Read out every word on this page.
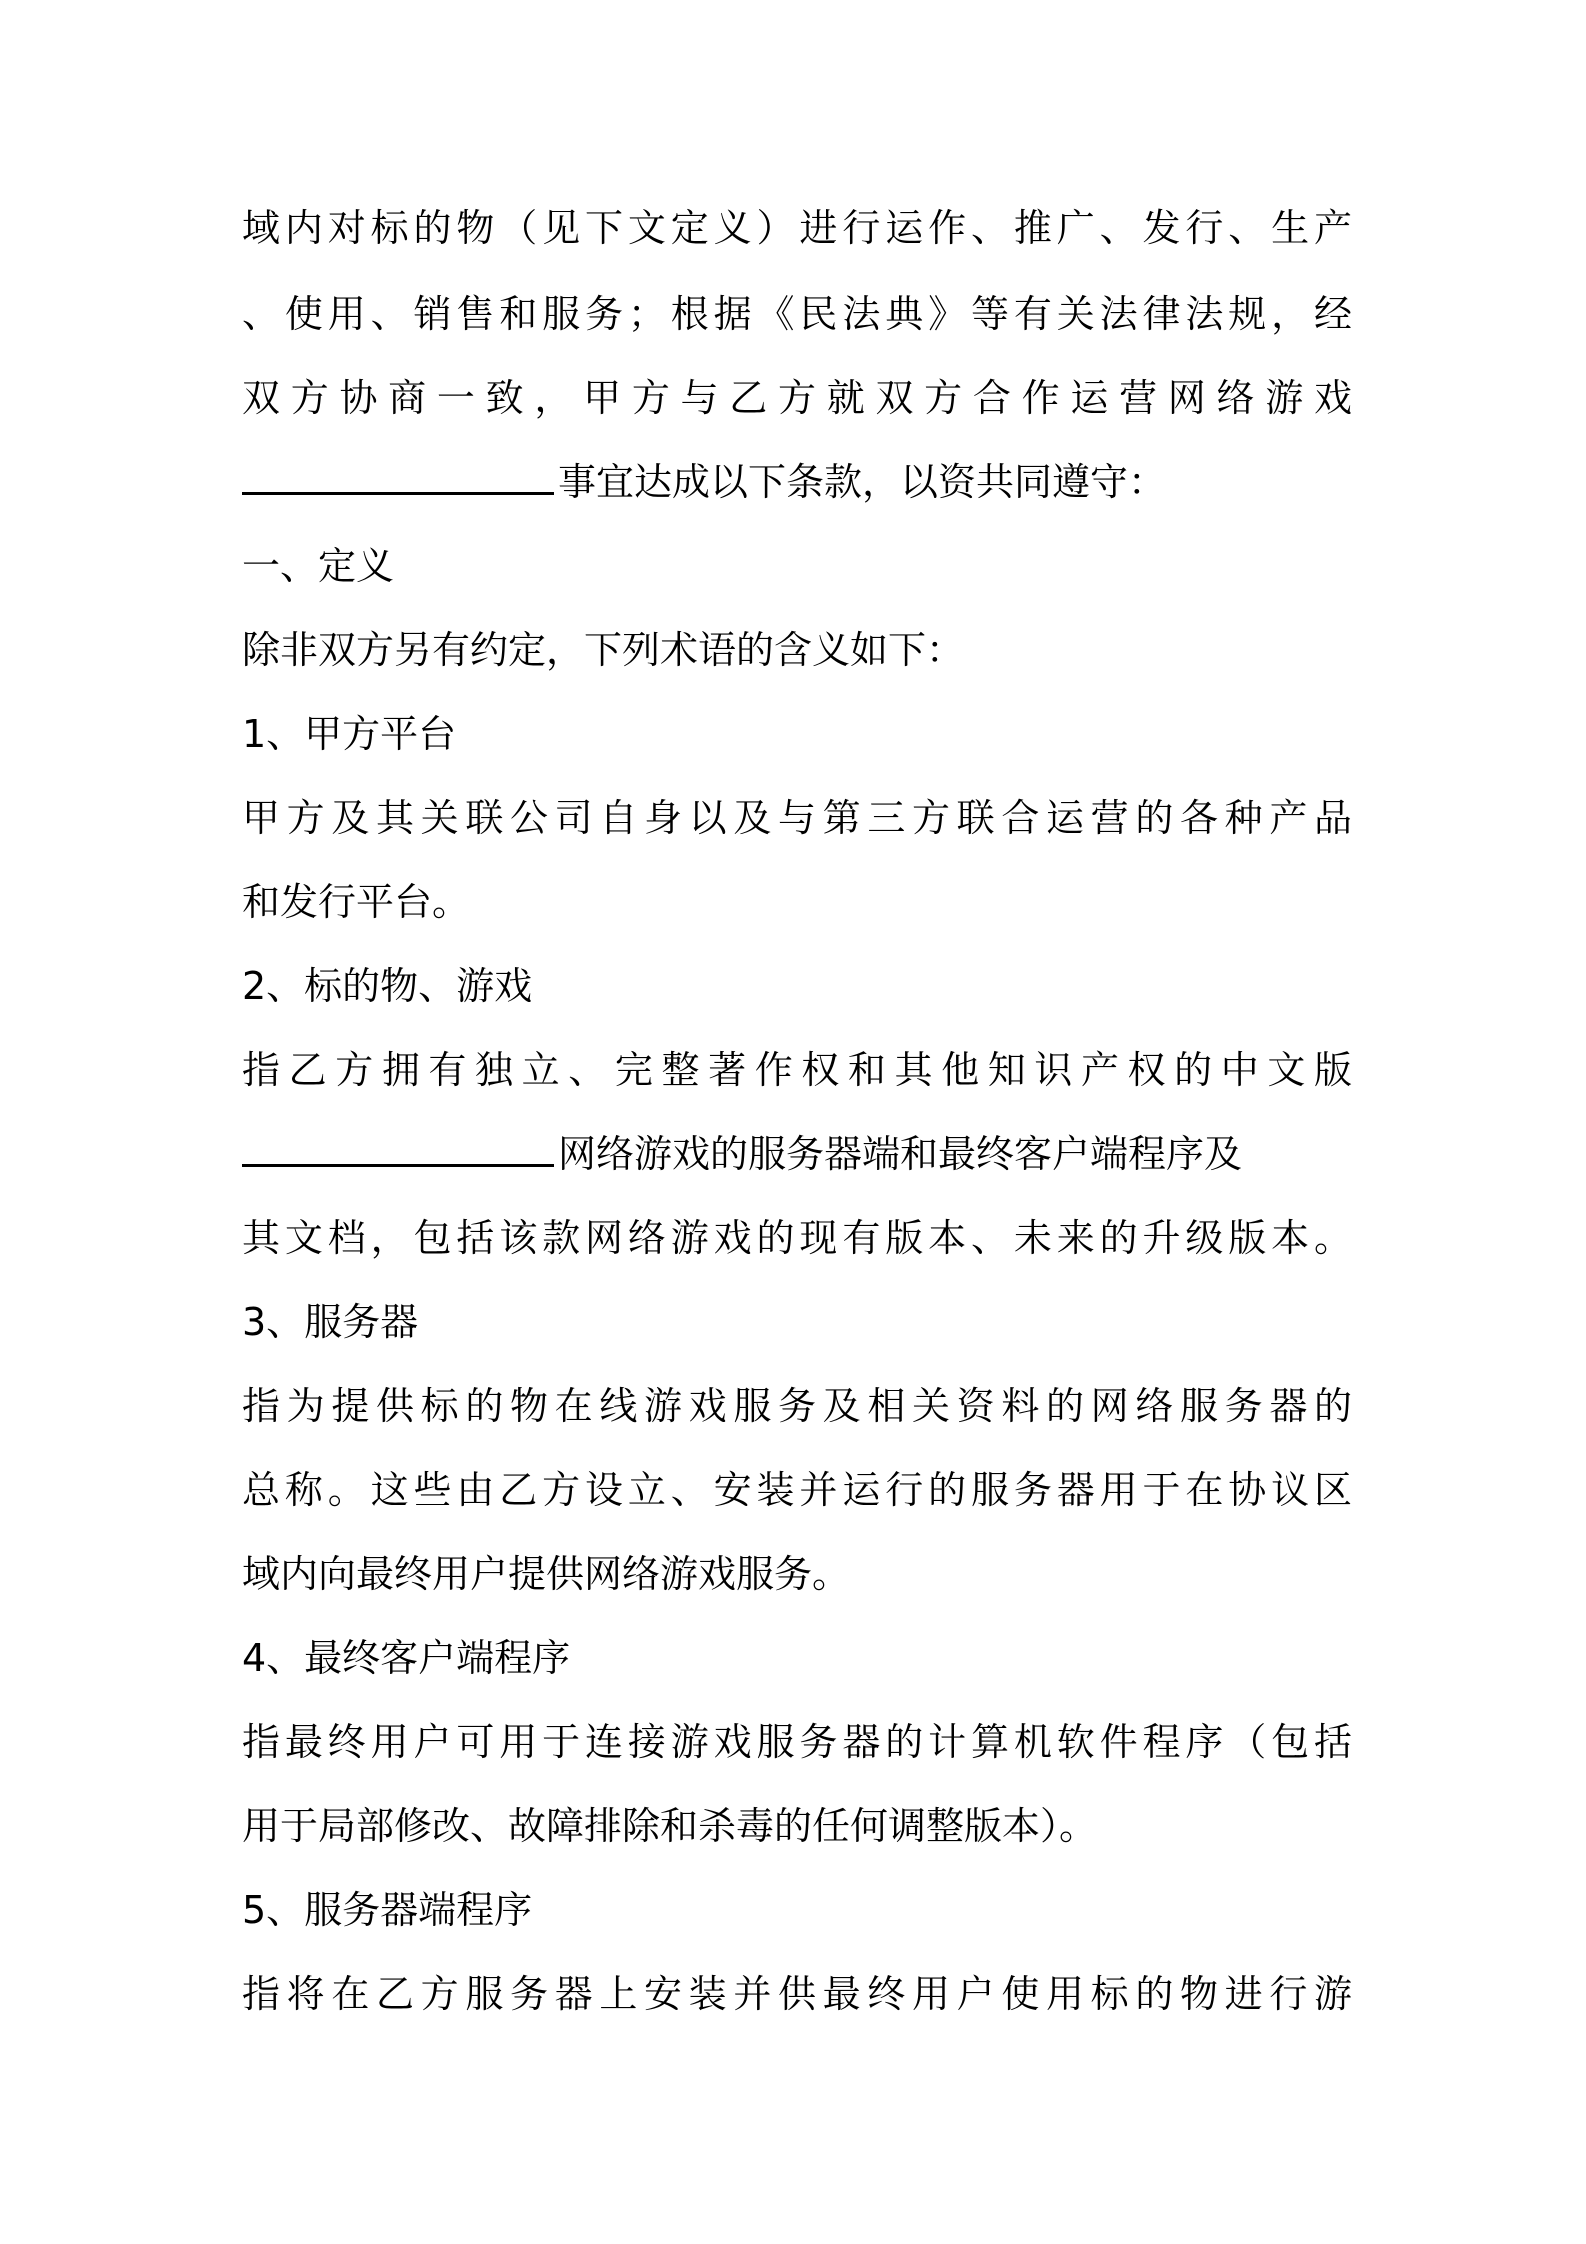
域内对标的物（见下文定义）进行运作、推广、发行、生产
、使用、销售和服务；根据《民法典》等有关法律法规，经
双方协商一致，甲方与乙方就双方合作运营网络游戏
事宜达成以下条款，以资共同遵守：
一、定义
除非双方另有约定，下列术语的含义如下：
1、甲方平台
甲方及其关联公司自身以及与第三方联合运营的各种产品
和发行平台。
2、标的物、游戏
指乙方拥有独立、完整著作权和其他知识产权的中文版
网络游戏的服务器端和最终客户端程序及
其文档，包括该款网络游戏的现有版本、未来的升级版本。
3、服务器
指为提供标的物在线游戏服务及相关资料的网络服务器的
总称。这些由乙方设立、安装并运行的服务器用于在协议区
域内向最终用户提供网络游戏服务。
4、最终客户端程序
指最终用户可用于连接游戏服务器的计算机软件程序（包括
用于局部修改、故障排除和杀毒的任何调整版本）。
5、服务器端程序
指将在乙方服务器上安装并供最终用户使用标的物进行游
